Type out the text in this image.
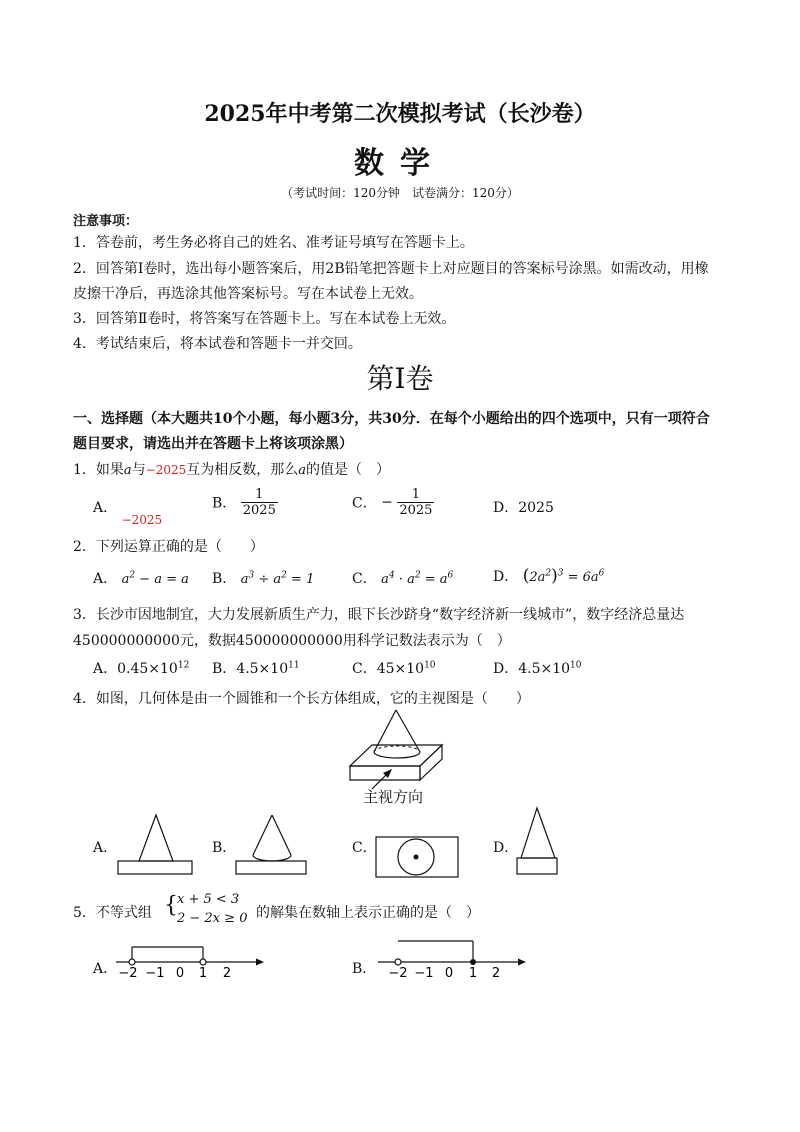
2025年中考第二次模拟考试（长沙卷）
数学
（考试时间：120分钟　试卷满分：120分）
注意事项：
1．答卷前，考生务必将自己的姓名、准考证号填写在答题卡上。
2．回答第Ⅰ卷时，选出每小题答案后，用2B铅笔把答题卡上对应题目的答案标号涂黑。如需改动，用橡
皮擦干净后，再选涂其他答案标号。写在本试卷上无效。
3．回答第Ⅱ卷时，将答案写在答题卡上。写在本试卷上无效。
4．考试结束后，将本试卷和答题卡一并交回。
第Ⅰ卷
一、选择题（本大题共10个小题，每小题3分，共30分．在每个小题给出的四个选项中，只有一项符合
题目要求，请选出并在答题卡上将该项涂黑）
1．如果a与−2025互为相反数，那么a的值是（　）
A． −2025
B． $\frac{1}{2025}$	C． − $\frac{1}{2025}$	D．2025
2．下列运算正确的是（　　）
A． $a^2 - a = a$ B． $a^3 \div a^2 = 1$	C． $a^4 \cdot a^2 = a^6$	D． $(2a^2)^3 = 6a^6$
3．长沙市因地制宜，大力发展新质生产力，眼下长沙跻身“数字经济新一线城市”，数字经济总量达
450000000000元，数据450000000000用科学记数法表示为（　）
A．$0.45\times 10^{12}$ B．$4.5\times 10^{11}$	C．$45\times 10^{10}$	D．$4.5\times 10^{10}$
4．如图，几何体是由一个圆锥和一个长方体组成，它的主视图是（　　）
主视方向
A．	B．	C．	D．
5．不等式组 { x + 5 < 3
2 − 2x ≥ 0 的解集在数轴上表示正确的是（　）
A． −2 −1 0 1 2	B． −2 −1 0 1 2
